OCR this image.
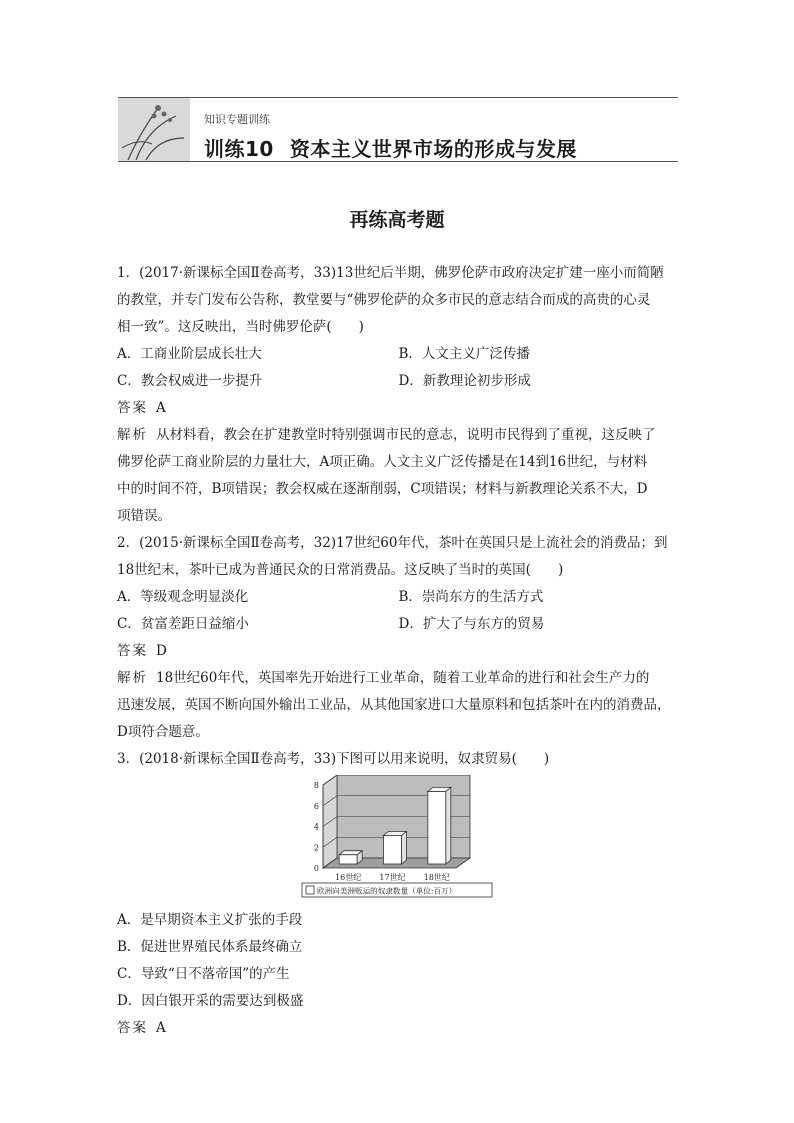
知识专题训练
训练10 资本主义世界市场的形成与发展
再练高考题

1．(2017·新课标全国Ⅱ卷高考，33)13世纪后半期，佛罗伦萨市政府决定扩建一座小而简陋

的教堂，并专门发布公告称，教堂要与“佛罗伦萨的众多市民的意志结合而成的高贵的心灵

相一致”。这反映出，当时佛罗伦萨(　　)

A．工商业阶层成长壮大	B．人文主义广泛传播
C．教会权威进一步提升	D．新教理论初步形成

答案 A

解析 从材料看，教会在扩建教堂时特别强调市民的意志，说明市民得到了重视，这反映了

佛罗伦萨工商业阶层的力量壮大，A项正确。人文主义广泛传播是在14到16世纪，与材料

中的时间不符，B项错误；教会权威在逐渐削弱，C项错误；材料与新教理论关系不大，D

项错误。

2．(2015·新课标全国Ⅱ卷高考，32)17世纪60年代，茶叶在英国只是上流社会的消费品；到

18世纪末，茶叶已成为普通民众的日常消费品。这反映了当时的英国(　　)

A．等级观念明显淡化	B．崇尚东方的生活方式
C．贫富差距日益缩小	D．扩大了与东方的贸易

答案 D

解析 18世纪60年代，英国率先开始进行工业革命，随着工业革命的进行和社会生产力的

迅速发展，英国不断向国外输出工业品，从其他国家进口大量原料和包括茶叶在内的消费品，

D项符合题意。

3．(2018·新课标全国Ⅱ卷高考，33)下图可以用来说明，奴隶贸易(　　)

0
2
4
6
8
16世纪 17世纪 18世纪
欧洲向美洲贩运的奴隶数量（单位:百万）
A．是早期资本主义扩张的手段
B．促进世界殖民体系最终确立
C．导致“日不落帝国”的产生
D．因白银开采的需要达到极盛

答案 A
